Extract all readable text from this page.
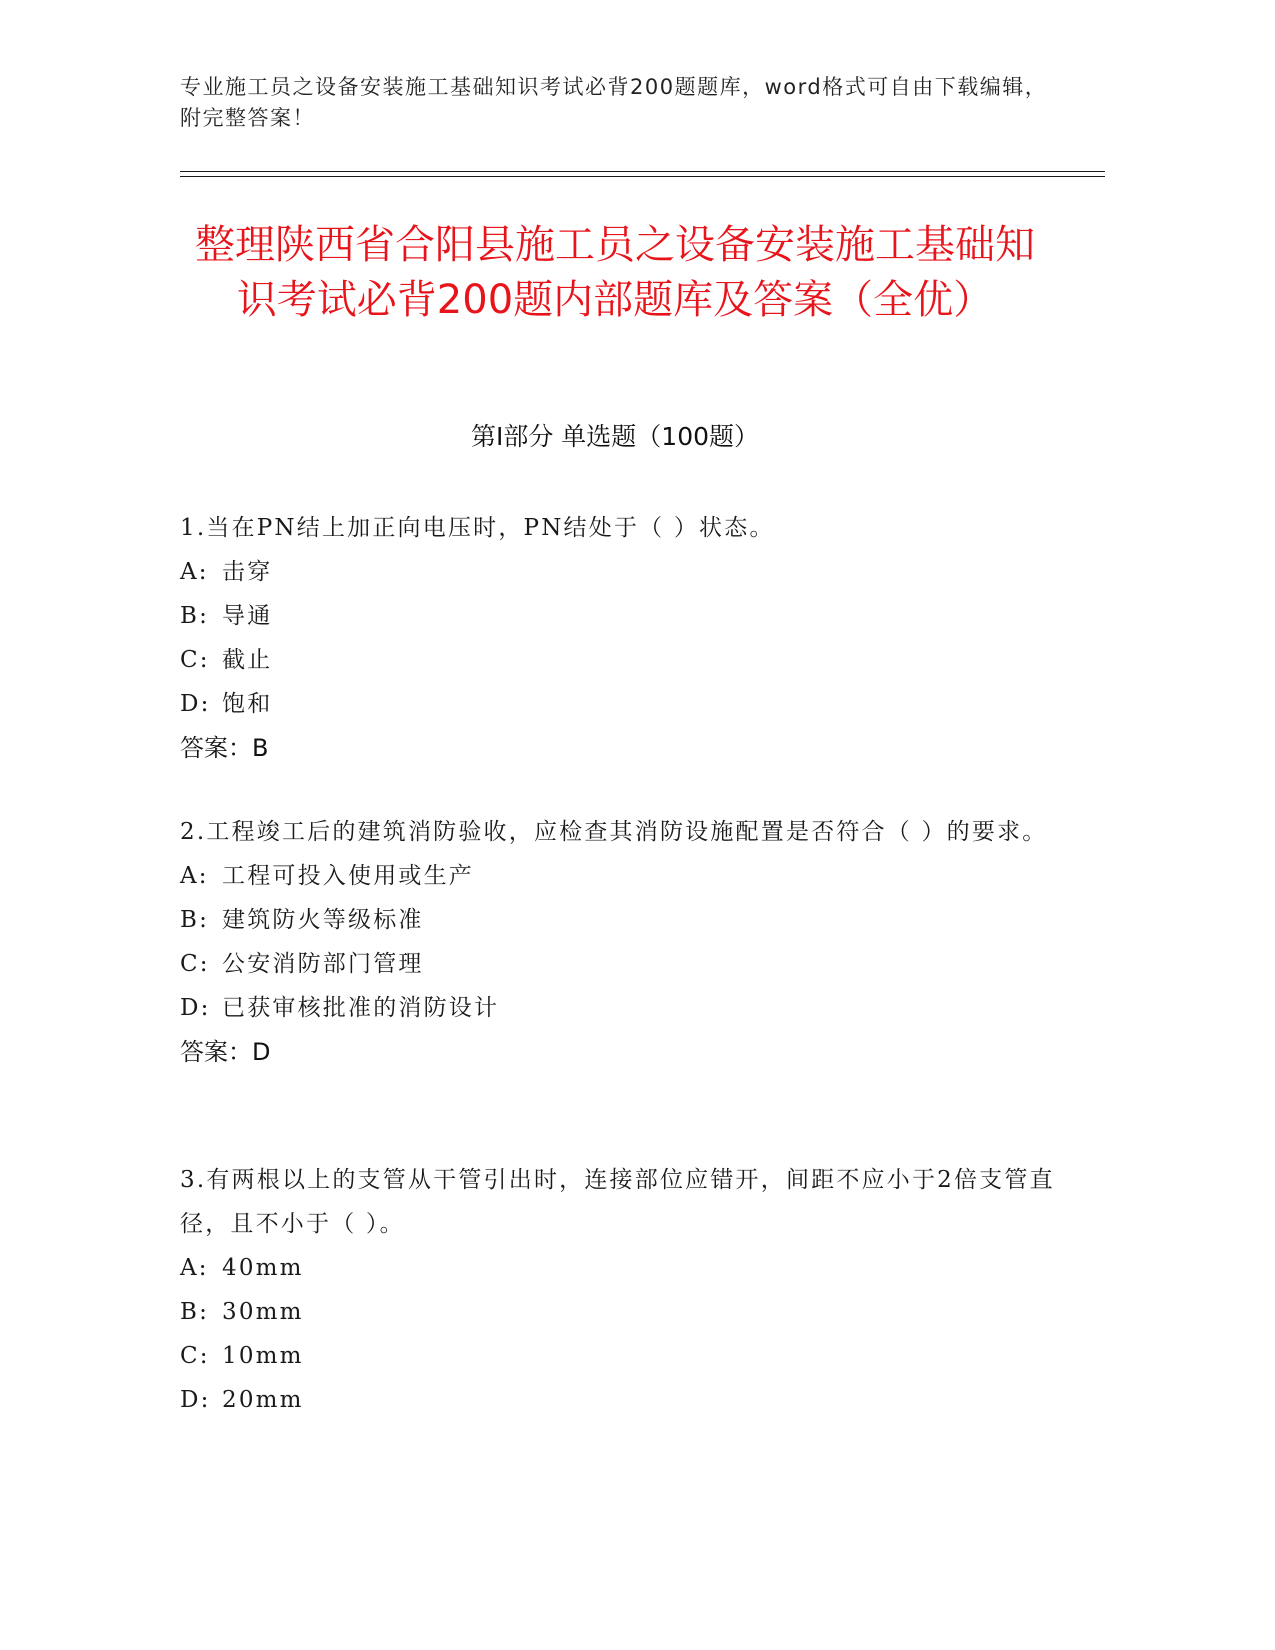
专业施工员之设备安装施工基础知识考试必背200题题库，word格式可自由下载编辑，附完整答案！
整理陕西省合阳县施工员之设备安装施工基础知识考试必背200题内部题库及答案（全优）
第I部分 单选题（100题）

1.当在PN结上加正向电压时，PN结处于（ ）状态。

A: 击穿
B: 导通
C: 截止
D: 饱和
答案：B

2.工程竣工后的建筑消防验收，应检查其消防设施配置是否符合（ ）的要求。

A: 工程可投入使用或生产
B: 建筑防火等级标准
C: 公安消防部门管理
D: 已获审核批准的消防设计
答案：D

3.有两根以上的支管从干管引出时，连接部位应错开，间距不应小于2倍支管直径，且不小于（ ）。

A: 40mm
B: 30mm
C: 10mm
D: 20mm
